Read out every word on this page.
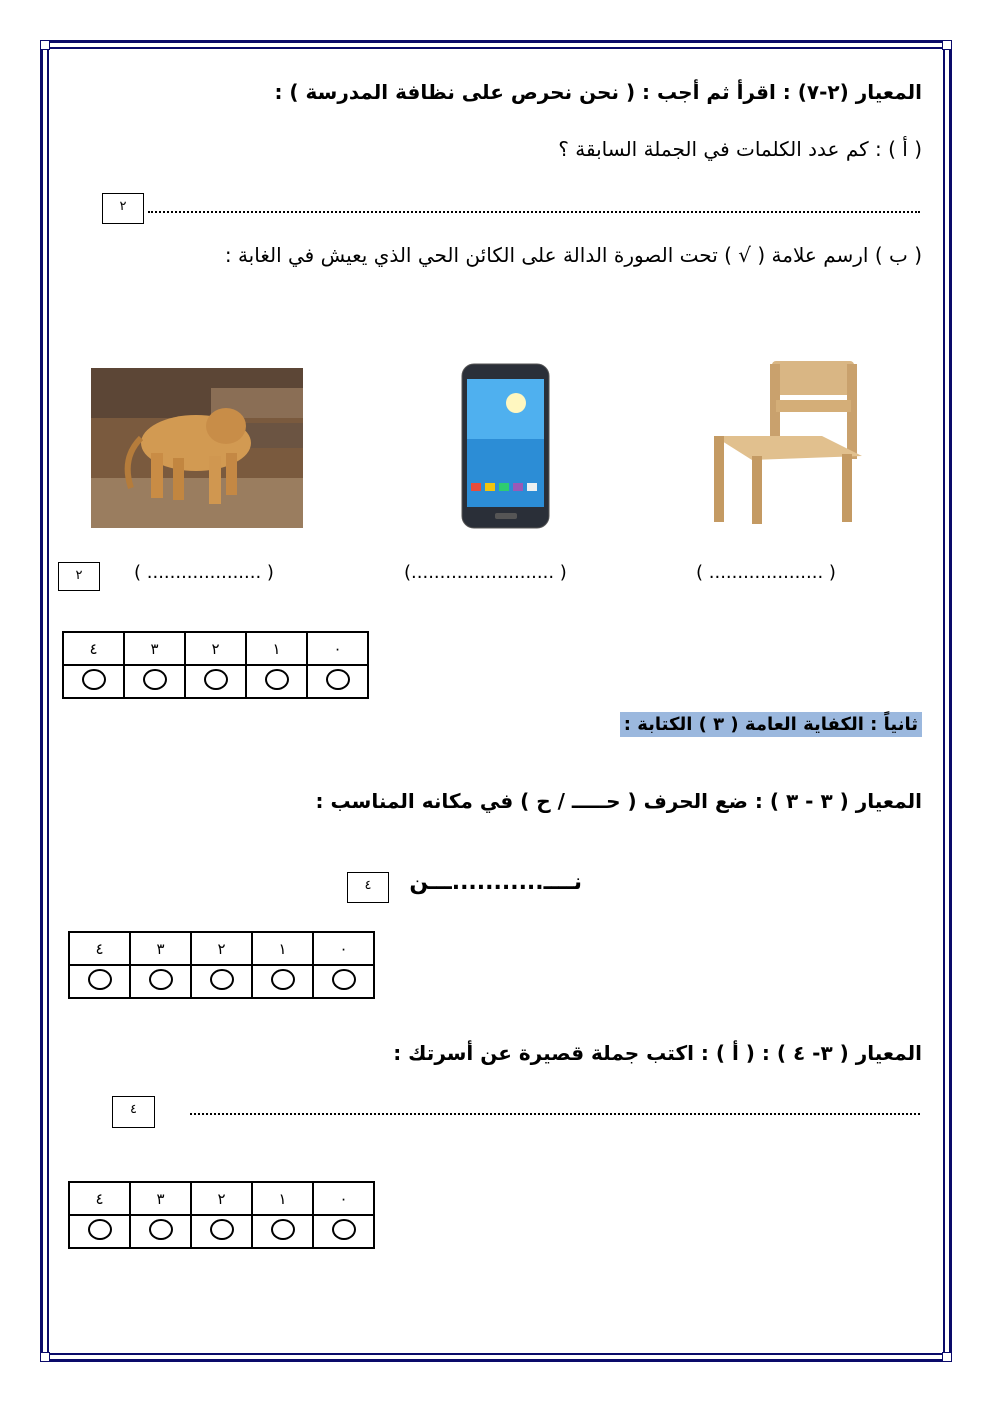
المعيار (٢-٧) : اقرأ ثم أجب : ( نحن نحرص على نظافة المدرسة ) :
( أ ) : كم عدد الكلمات في الجملة السابقة ؟
٢
( ب ) ارسم علامة ( √ ) تحت الصورة الدالة على الكائن الحي الذي يعيش في الغابة :
( .................... )
(......................... )
( .................... )
٢
٤	٣	٢	١	٠

ثانياً : الكفاية العامة ( ٣ ) الكتابة :
المعيار ( ٣ - ٣ ) : ضع الحرف ( حـــــ / ح ) في مكانه المناسب :
نــــ...........ـــن
٤
٤	٣	٢	١	٠

المعيار ( ٣- ٤ ) : ( أ ) : اكتب جملة قصيرة عن أسرتك :
٤
٤	٣	٢	١	٠
